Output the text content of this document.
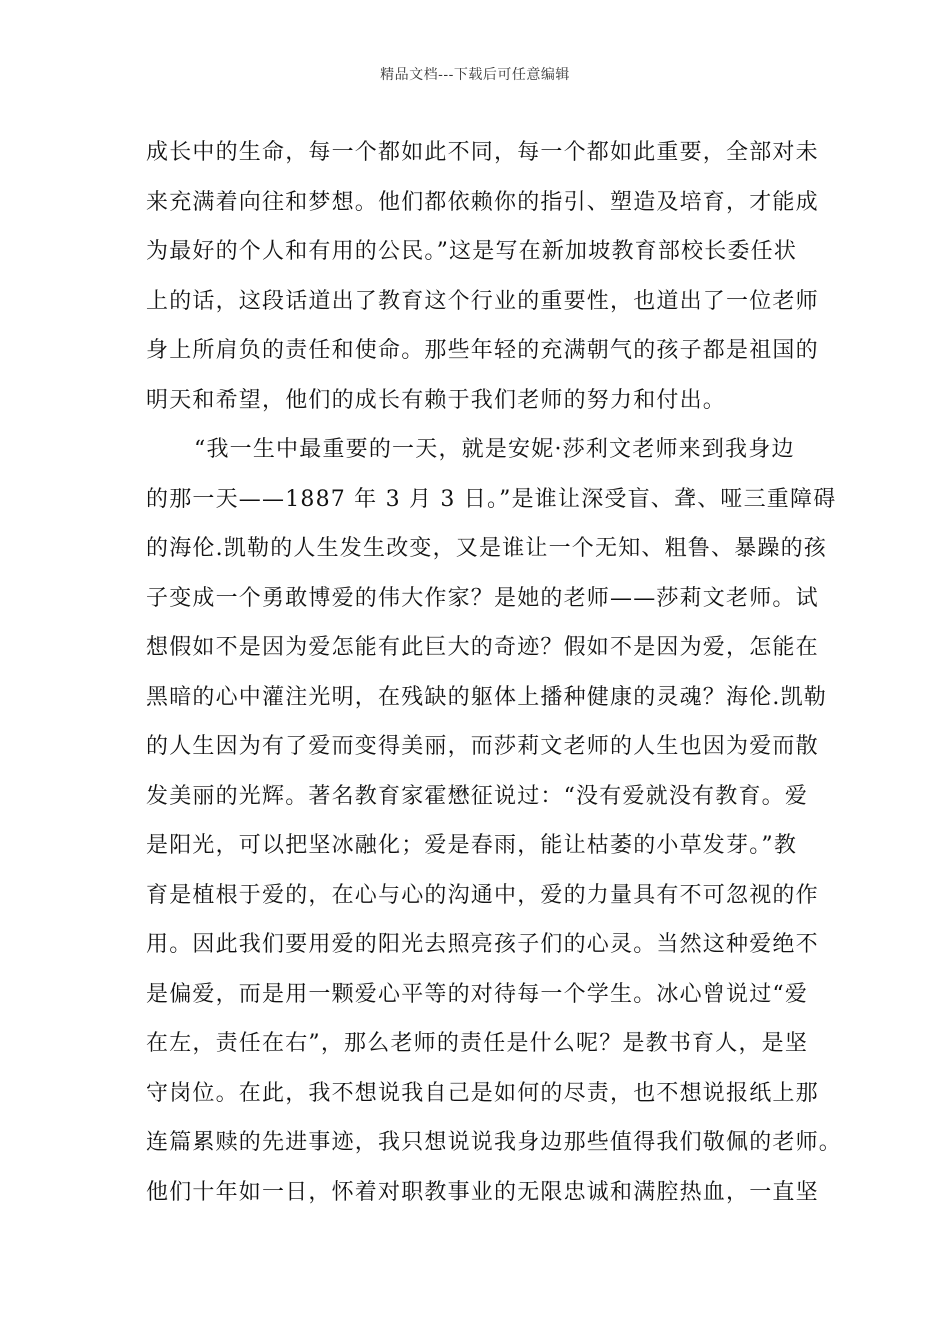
精品文档---下载后可任意编辑
成长中的生命，每一个都如此不同，每一个都如此重要，全部对未
来充满着向往和梦想。他们都依赖你的指引、塑造及培育，才能成
为最好的个人和有用的公民。”这是写在新加坡教育部校长委任状
上的话，这段话道出了教育这个行业的重要性，也道出了一位老师
身上所肩负的责任和使命。那些年轻的充满朝气的孩子都是祖国的
明天和希望，他们的成长有赖于我们老师的努力和付出。
“我一生中最重要的一天，就是安妮·莎利文老师来到我身边
的那一天——1887 年 3 月 3 日。”是谁让深受盲、聋、哑三重障碍
的海伦.凯勒的人生发生改变，又是谁让一个无知、粗鲁、暴躁的孩
子变成一个勇敢博爱的伟大作家？是她的老师——莎莉文老师。试
想假如不是因为爱怎能有此巨大的奇迹？假如不是因为爱，怎能在
黑暗的心中灌注光明，在残缺的躯体上播种健康的灵魂？海伦.凯勒
的人生因为有了爱而变得美丽，而莎莉文老师的人生也因为爱而散
发美丽的光辉。著名教育家霍懋征说过：“没有爱就没有教育。爱
是阳光，可以把坚冰融化；爱是春雨，能让枯萎的小草发芽。”教
育是植根于爱的，在心与心的沟通中，爱的力量具有不可忽视的作
用。因此我们要用爱的阳光去照亮孩子们的心灵。当然这种爱绝不
是偏爱，而是用一颗爱心平等的对待每一个学生。冰心曾说过“爱
在左，责任在右”，那么老师的责任是什么呢？是教书育人，是坚
守岗位。在此，我不想说我自己是如何的尽责，也不想说报纸上那
连篇累赎的先进事迹，我只想说说我身边那些值得我们敬佩的老师。
他们十年如一日，怀着对职教事业的无限忠诚和满腔热血，一直坚
